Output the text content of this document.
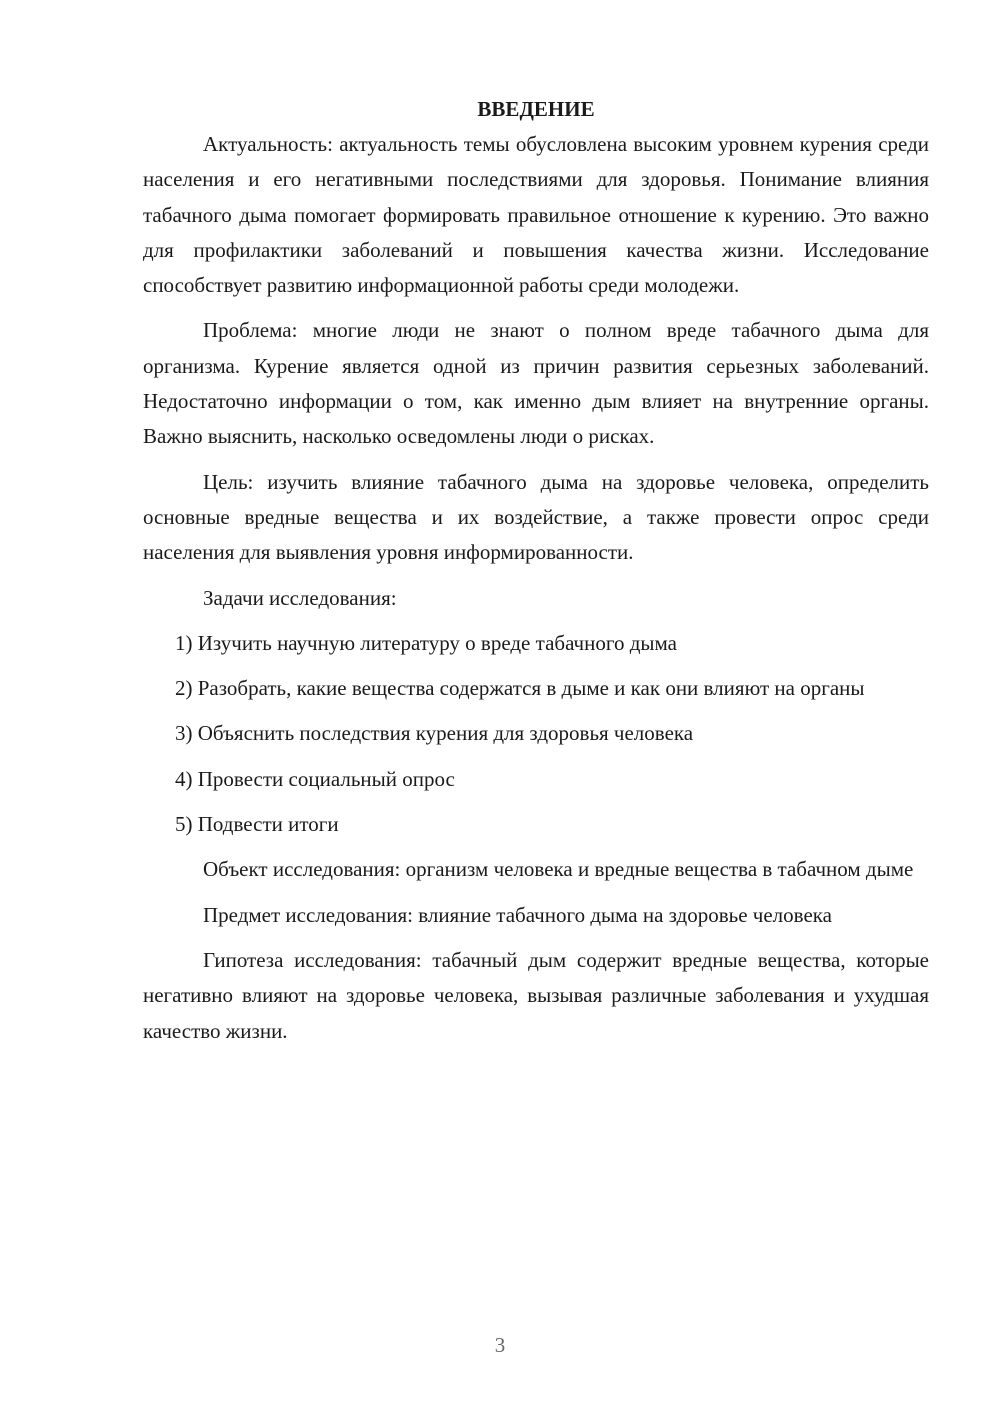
ВВЕДЕНИЕ

Актуальность: актуальность темы обусловлена высоким уровнем курения среди населения и его негативными последствиями для здоровья. Понимание влияния табачного дыма помогает формировать правильное отношение к курению. Это важно для профилактики заболеваний и повышения качества жизни. Исследование способствует развитию информационной работы среди молодежи.

Проблема: многие люди не знают о полном вреде табачного дыма для организма. Курение является одной из причин развития серьезных заболеваний. Недостаточно информации о том, как именно дым влияет на внутренние органы. Важно выяснить, насколько осведомлены люди о рисках.

Цель: изучить влияние табачного дыма на здоровье человека, определить основные вредные вещества и их воздействие, а также провести опрос среди населения для выявления уровня информированности.

Задачи исследования:

1) Изучить научную литературу о вреде табачного дыма

2) Разобрать, какие вещества содержатся в дыме и как они влияют на органы

3) Объяснить последствия курения для здоровья человека

4) Провести социальный опрос

5) Подвести итоги

Объект исследования: организм человека и вредные вещества в табачном дыме

Предмет исследования: влияние табачного дыма на здоровье человека

Гипотеза исследования: табачный дым содержит вредные вещества, которые негативно влияют на здоровье человека, вызывая различные заболевания и ухудшая качество жизни.

3
